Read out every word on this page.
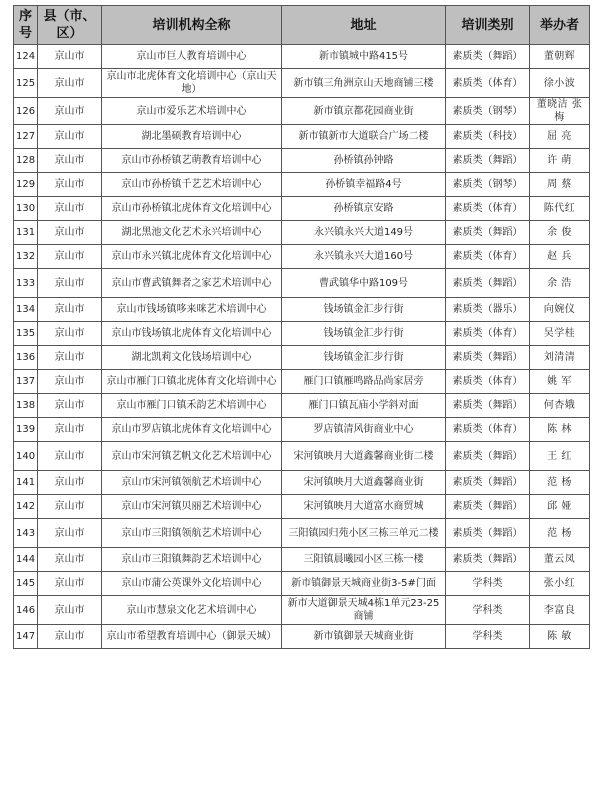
序号	县（市、区）	培训机构全称	地址	培训类别	举办者
124	京山市	京山市巨人教育培训中心	新市镇城中路415号	素质类（舞蹈）	董朝辉
125	京山市	京山市北虎体育文化培训中心（京山天地）	新市镇三角洲京山天地商铺三楼	素质类（体育）	徐小波
126	京山市	京山市爱乐艺术培训中心	新市镇京都花园商业街	素质类（钢琴）	董晓洁 张 梅
127	京山市	湖北墨硕教育培训中心	新市镇新市大道联合广场二楼	素质类（科技）	屈 亮
128	京山市	京山市孙桥镇艺萌教育培训中心	孙桥镇孙钟路	素质类（舞蹈）	许 萌
129	京山市	京山市孙桥镇千艺艺术培训中心	孙桥镇幸福路4号	素质类（钢琴）	周 蔡
130	京山市	京山市孙桥镇北虎体育文化培训中心	孙桥镇京安路	素质类（体育）	陈代红
131	京山市	湖北黑池文化艺术永兴培训中心	永兴镇永兴大道149号	素质类（舞蹈）	余 俊
132	京山市	京山市永兴镇北虎体育文化培训中心	永兴镇永兴大道160号	素质类（体育）	赵 兵
133	京山市	京山市曹武镇舞者之家艺术培训中心	曹武镇华中路109号	素质类（舞蹈）	余 浩
134	京山市	京山市钱场镇哆来咪艺术培训中心	钱场镇金汇步行街	素质类（器乐）	向婉仪
135	京山市	京山市钱场镇北虎体育文化培训中心	钱场镇金汇步行街	素质类（体育）	吴学桂
136	京山市	湖北凯莉文化钱场培训中心	钱场镇金汇步行街	素质类（舞蹈）	刘清清
137	京山市	京山市雁门口镇北虎体育文化培训中心	雁门口镇雁鸣路品尚家居旁	素质类（体育）	姚 军
138	京山市	京山市雁门口镇禾韵艺术培训中心	雁门口镇瓦庙小学斜对面	素质类（舞蹈）	何杏娥
139	京山市	京山市罗店镇北虎体育文化培训中心	罗店镇清风街商业中心	素质类（体育）	陈 林
140	京山市	京山市宋河镇艺帆文化艺术培训中心	宋河镇映月大道鑫馨商业街二楼	素质类（舞蹈）	王 红
141	京山市	京山市宋河镇领航艺术培训中心	宋河镇映月大道鑫馨商业街	素质类（舞蹈）	范 杨
142	京山市	京山市宋河镇贝丽艺术培训中心	宋河镇映月大道富水商贸城	素质类（舞蹈）	邱 娅
143	京山市	京山市三阳镇领航艺术培训中心	三阳镇园归苑小区三栋三单元二楼	素质类（舞蹈）	范 杨
144	京山市	京山市三阳镇舞韵艺术培训中心	三阳镇晨曦园小区三栋一楼	素质类（舞蹈）	董云凤
145	京山市	京山市蒲公英课外文化培训中心	新市镇御景天城商业街3-5#门面	学科类	张小红
146	京山市	京山市慧泉文化艺术培训中心	新市大道御景天城4栋1单元23-25商铺	学科类	李富良
147	京山市	京山市希望教育培训中心（御景天城）	新市镇御景天城商业街	学科类	陈 敏
